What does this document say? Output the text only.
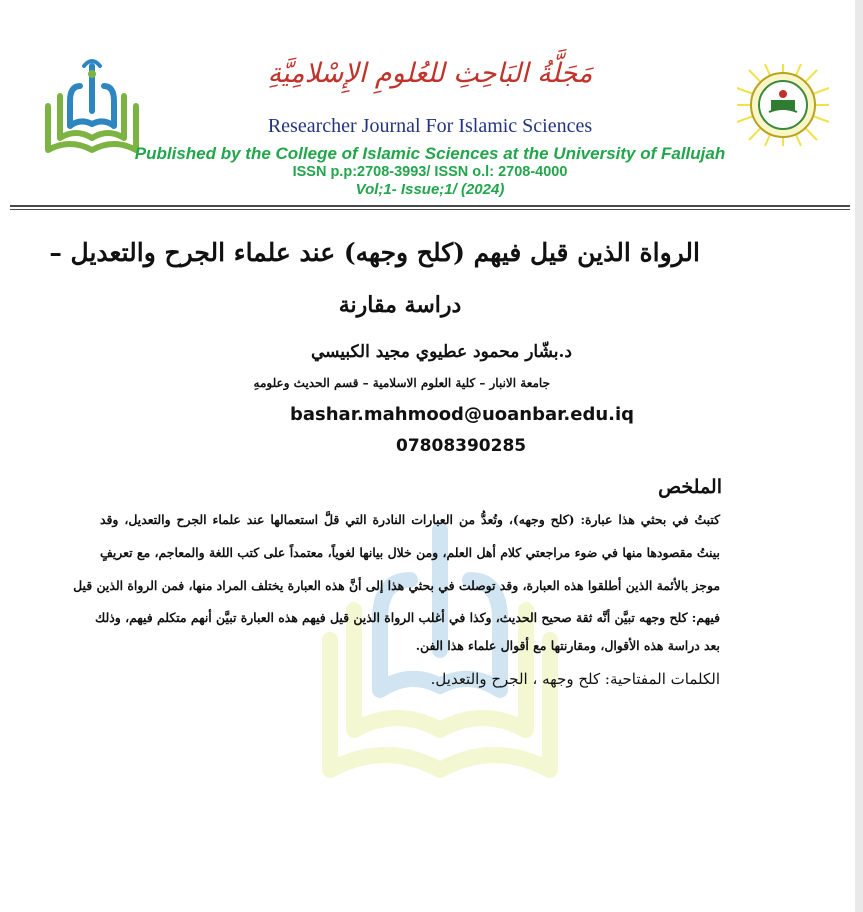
مَجَلَّةُ البَاحِثِ للعُلومِ الإِسْلامِيَّةِ
Researcher Journal For Islamic Sciences
Published by the College of Islamic Sciences at the University of Fallujah
ISSN p.p:2708-3993/ ISSN o.l: 2708-4000
Vol;1- Issue;1/ (2024)
الرواة الذين قيل فيهم (كلح وجهه) عند علماء الجرح والتعديل –
دراسة مقارنة
د.بشّار محمود عطيوي مجيد الكبيسي
جامعة الانبار – كلية العلوم الاسلامية – قسم الحديث وعلومهِ
bashar.mahmood@uoanbar.edu.iq
07808390285
الملخص
كتبتُ في بحثي هذا عبارة: (كلح وجهه)، وتُعدُّ من العبارات النادرة التي قلَّ استعمالها عند علماء الجرح والتعديل، وقد
بينتُ مقصودها منها في ضوء مراجعتي كلام أهل العلم، ومن خلال بيانها لغوياً، معتمداً على كتب اللغة والمعاجم، مع تعريفٍ
موجز بالأئمة الذين أطلقوا هذه العبارة، وقد توصلت في بحثي هذا إلى أنَّ هذه العبارة يختلف المراد منها، فمن الرواة الذين قيل
فيهم: كلح وجهه تبيَّن أنَّه ثقة صحيح الحديث، وكذا في أغلب الرواة الذين قيل فيهم هذه العبارة تبيَّن أنهم متكلم فيهم، وذلك
بعد دراسة هذه الأقوال، ومقارنتها مع أقوال علماء هذا الفن.
الكلمات المفتاحية: كلح وجهه ، الجرح والتعديل.
